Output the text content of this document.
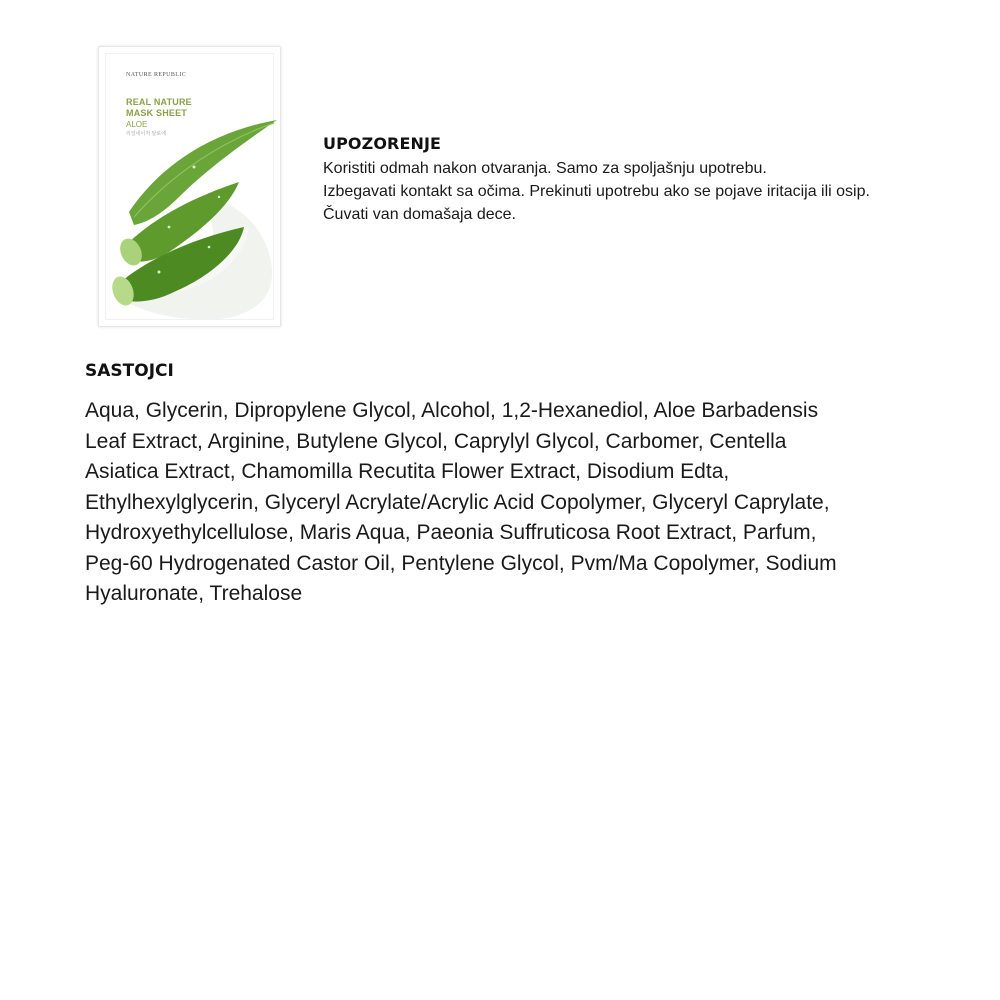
NATURE REPUBLIC
REAL NATURE
MASK SHEET
ALOE
리얼네이처 알로에	UPOZORENJE
Koristiti odmah nakon otvaranja. Samo za spoljašnju upotrebu.
Izbegavati kontakt sa očima. Prekinuti upotrebu ako se pojave iritacija ili osip.
Čuvati van domašaja dece.
SASTOJCI
Aqua, Glycerin, Dipropylene Glycol, Alcohol, 1,2-Hexanediol, Aloe Barbadensis
Leaf Extract, Arginine, Butylene Glycol, Caprylyl Glycol, Carbomer, Centella
Asiatica Extract, Chamomilla Recutita Flower Extract, Disodium Edta,
Ethylhexylglycerin, Glyceryl Acrylate/Acrylic Acid Copolymer, Glyceryl Caprylate,
Hydroxyethylcellulose, Maris Aqua, Paeonia Suffruticosa Root Extract, Parfum,
Peg-60 Hydrogenated Castor Oil, Pentylene Glycol, Pvm/Ma Copolymer, Sodium
Hyaluronate, Trehalose
